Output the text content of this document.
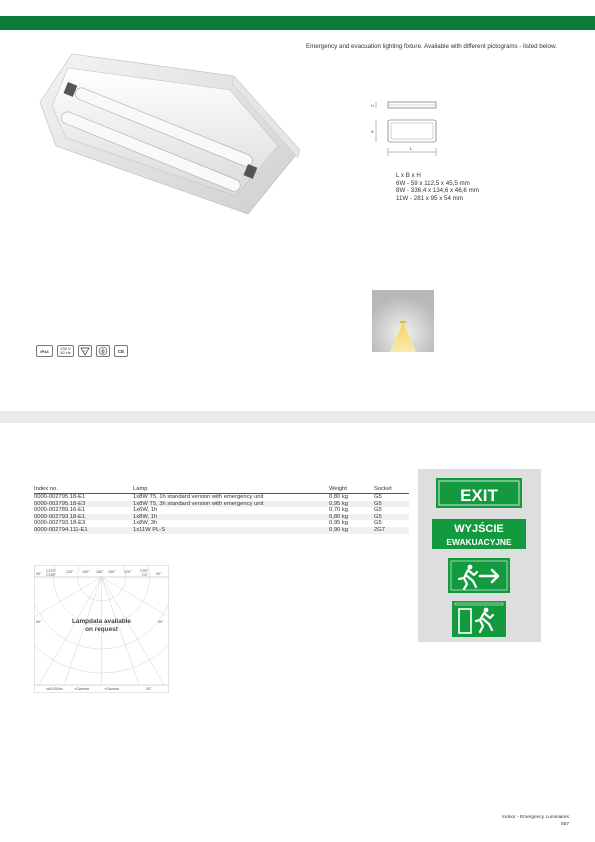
Emergency and evacuation lighting fixture. Available with different pictograms - listed below.
H
B
L
L x B x H
6W - 59 x 112,5 x 45,5 mm
8W - 336,4 x 134,6 x 46,6 mm
11W - 281 x 95 x 54 mm
IP44	230 V
50 Hz	F	CE
Index no.	Lamp	Weight	Socket
0000-002795.18-E1	1x8W T5, 1h standard version with emergency unit	0,80 kg	G5
0000-002795.18-E3	1x8W T5, 3h standard version with emergency unit	0,95 kg	G5
0000-002789.16-E1	1x6W, 1h	0,70 kg	G5
0000-002793.18-E1	1x8W, 1h	0,80 kg	G5
0000-002793.18-E3	1x8W, 3h	0,95 kg	G5
0000-002794.111-E1	1x11W PL-S	0,90 kg	2G7
90°
C270°
C180°
120° 150° 180° 150° 120° C90°
C0° 90°
60°	60°
cd/1000lm	+Gamma	+Gamma	30°
Lampdata available
on request
EXIT
WYJŚCIE
EWAKUACYJNE
Indoor - Emergency Luminaires
557
